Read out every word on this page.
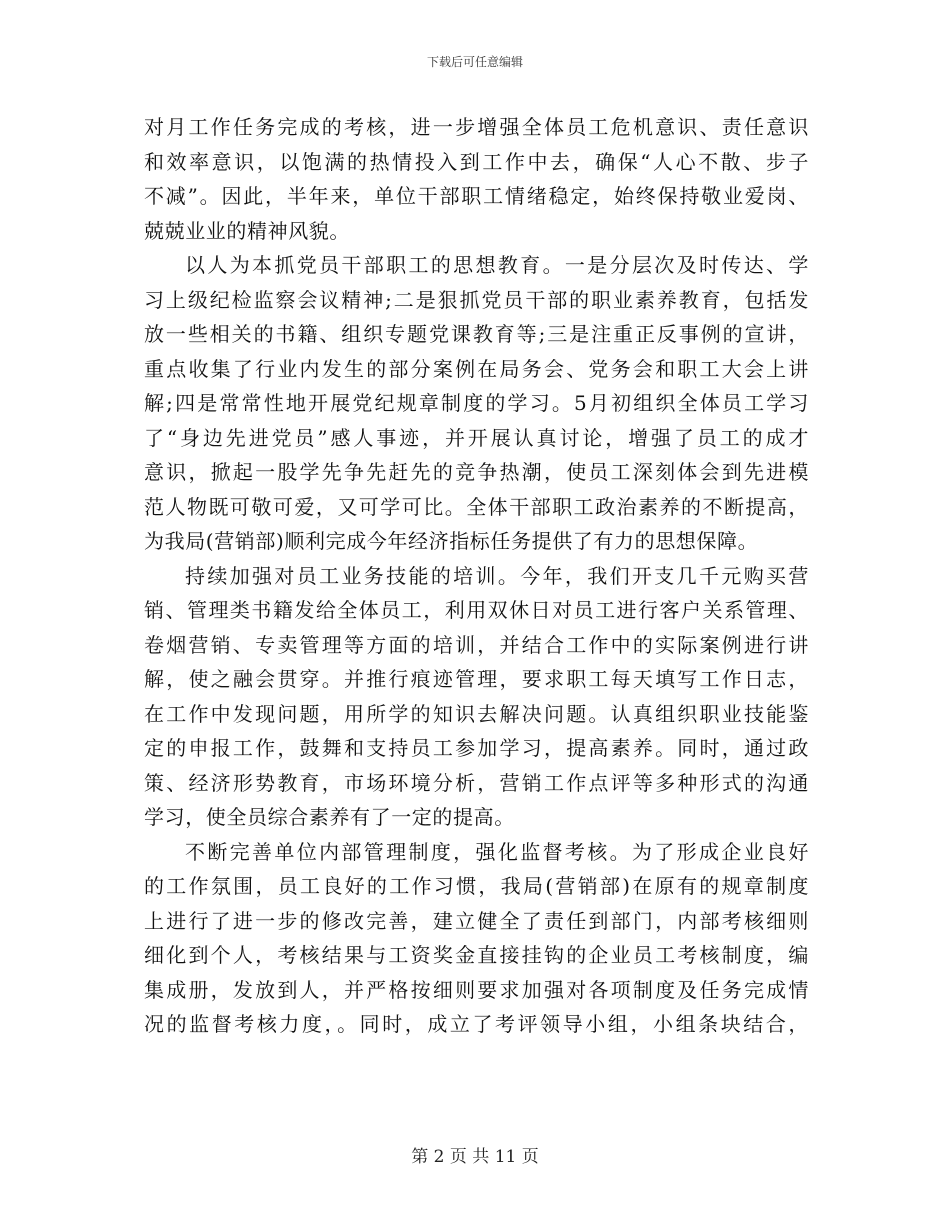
下载后可任意编辑
对月工作任务完成的考核，进一步增强全体员工危机意识、责任意识
和效率意识，以饱满的热情投入到工作中去，确保“人心不散、步子
不减”。因此，半年来，单位干部职工情绪稳定，始终保持敬业爱岗、
兢兢业业的精神风貌。
以人为本抓党员干部职工的思想教育。一是分层次及时传达、学
习上级纪检监察会议精神;二是狠抓党员干部的职业素养教育，包括发
放一些相关的书籍、组织专题党课教育等;三是注重正反事例的宣讲，
重点收集了行业内发生的部分案例在局务会、党务会和职工大会上讲
解;四是常常性地开展党纪规章制度的学习。5月初组织全体员工学习
了“身边先进党员”感人事迹，并开展认真讨论，增强了员工的成才
意识，掀起一股学先争先赶先的竞争热潮，使员工深刻体会到先进模
范人物既可敬可爱，又可学可比。全体干部职工政治素养的不断提高，
为我局(营销部)顺利完成今年经济指标任务提供了有力的思想保障。
持续加强对员工业务技能的培训。今年，我们开支几千元购买营
销、管理类书籍发给全体员工，利用双休日对员工进行客户关系管理、
卷烟营销、专卖管理等方面的培训，并结合工作中的实际案例进行讲
解，使之融会贯穿。并推行痕迹管理，要求职工每天填写工作日志，
在工作中发现问题，用所学的知识去解决问题。认真组织职业技能鉴
定的申报工作，鼓舞和支持员工参加学习，提高素养。同时，通过政
策、经济形势教育，市场环境分析，营销工作点评等多种形式的沟通
学习，使全员综合素养有了一定的提高。
不断完善单位内部管理制度，强化监督考核。为了形成企业良好
的工作氛围，员工良好的工作习惯，我局(营销部)在原有的规章制度
上进行了进一步的修改完善，建立健全了责任到部门，内部考核细则
细化到个人，考核结果与工资奖金直接挂钩的企业员工考核制度，编
集成册，发放到人，并严格按细则要求加强对各项制度及任务完成情
况的监督考核力度，。同时，成立了考评领导小组，小组条块结合，
第 2 页 共 11 页
